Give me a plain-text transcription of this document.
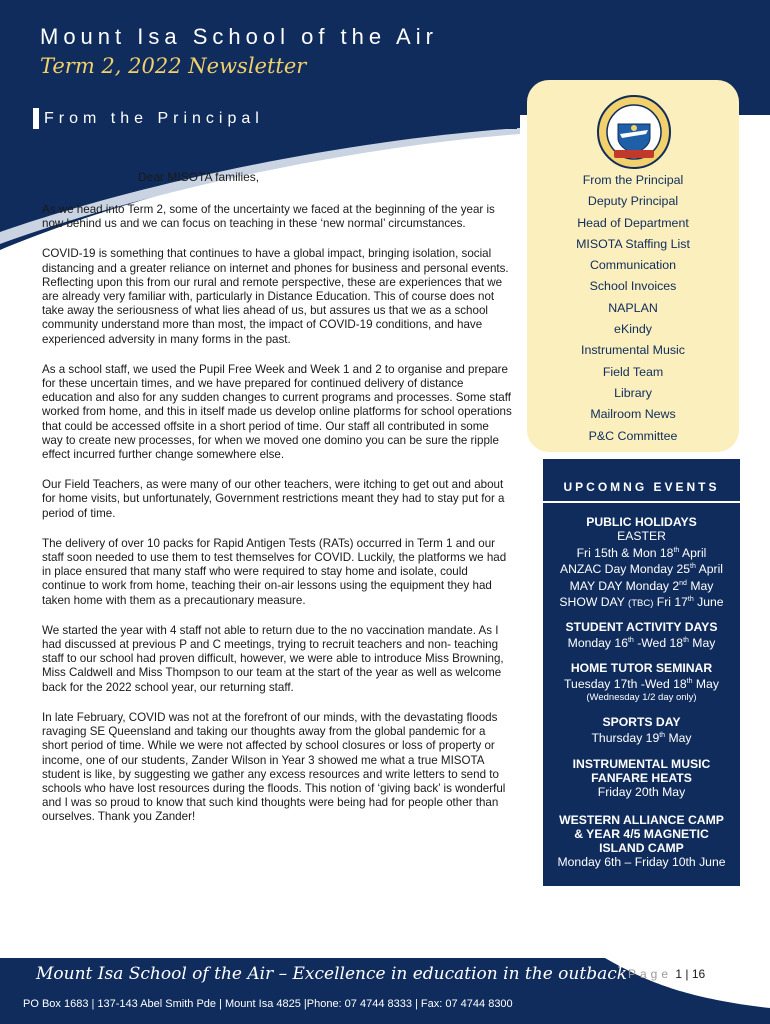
Mount Isa School of the Air
Term 2, 2022 Newsletter
From the Principal
Dear MISOTA families,

As we head into Term 2, some of the uncertainty we faced at the beginning of the year is now behind us and we can focus on teaching in these ‘new normal’ circumstances.

COVID-19 is something that continues to have a global impact, bringing isolation, social distancing and a greater reliance on internet and phones for business and personal events. Reflecting upon this from our rural and remote perspective, these are experiences that we are already very familiar with, particularly in Distance Education. This of course does not take away the seriousness of what lies ahead of us, but assures us that we as a school community understand more than most, the impact of COVID-19 conditions, and have experienced adversity in many forms in the past.

As a school staff, we used the Pupil Free Week and Week 1 and 2 to organise and prepare for these uncertain times, and we have prepared for continued delivery of distance education and also for any sudden changes to current programs and processes. Some staff worked from home, and this in itself made us develop online platforms for school operations that could be accessed offsite in a short period of time. Our staff all contributed in some way to create new processes, for when we moved one domino you can be sure the ripple effect incurred further change somewhere else.

Our Field Teachers, as were many of our other teachers, were itching to get out and about for home visits, but unfortunately, Government restrictions meant they had to stay put for a period of time.

The delivery of over 10 packs for Rapid Antigen Tests (RATs) occurred in Term 1 and our staff soon needed to use them to test themselves for COVID. Luckily, the platforms we had in place ensured that many staff who were required to stay home and isolate, could continue to work from home, teaching their on-air lessons using the equipment they had taken home with them as a precautionary measure.

We started the year with 4 staff not able to return due to the no vaccination mandate. As I had discussed at previous P and C meetings, trying to recruit teachers and non- teaching staff to our school had proven difficult, however, we were able to introduce Miss Browning, Miss Caldwell and Miss Thompson to our team at the start of the year as well as welcome back for the 2022 school year, our returning staff.

In late February, COVID was not at the forefront of our minds, with the devastating floods ravaging SE Queensland and taking our thoughts away from the global pandemic for a short period of time. While we were not affected by school closures or loss of property or income, one of our students, Zander Wilson in Year 3 showed me what a true MISOTA student is like, by suggesting we gather any excess resources and write letters to send to schools who have lost resources during the floods. This notion of ‘giving back’ is wonderful and I was so proud to know that such kind thoughts were being had for people other than ourselves. Thank you Zander!

From the Principal
Deputy Principal
Head of Department
MISOTA Staffing List
Communication
School Invoices
NAPLAN
eKindy
Instrumental Music
Field Team
Library
Mailroom News
P&C Committee
UPCOMNG EVENTS
PUBLIC HOLIDAYS
EASTER
Fri 15th & Mon 18th April
ANZAC Day Monday 25th April
MAY DAY Monday 2nd May
SHOW DAY (TBC) Fri 17th June
STUDENT ACTIVITY DAYS
Monday 16th -Wed 18th May
HOME TUTOR SEMINAR
Tuesday 17th -Wed 18th May
(Wednesday 1/2 day only)
SPORTS DAY
Thursday 19th May
INSTRUMENTAL MUSIC
FANFARE HEATS
Friday 20th May
WESTERN ALLIANCE CAMP
& YEAR 4/5 MAGNETIC
ISLAND CAMP
Monday 6th – Friday 10th June
Mount Isa School of the Air – Excellence in education in the outback
PO Box 1683 | 137-143 Abel Smith Pde | Mount Isa 4825 |Phone: 07 4744 8333 | Fax: 07 4744 8300
Page 1 | 16
